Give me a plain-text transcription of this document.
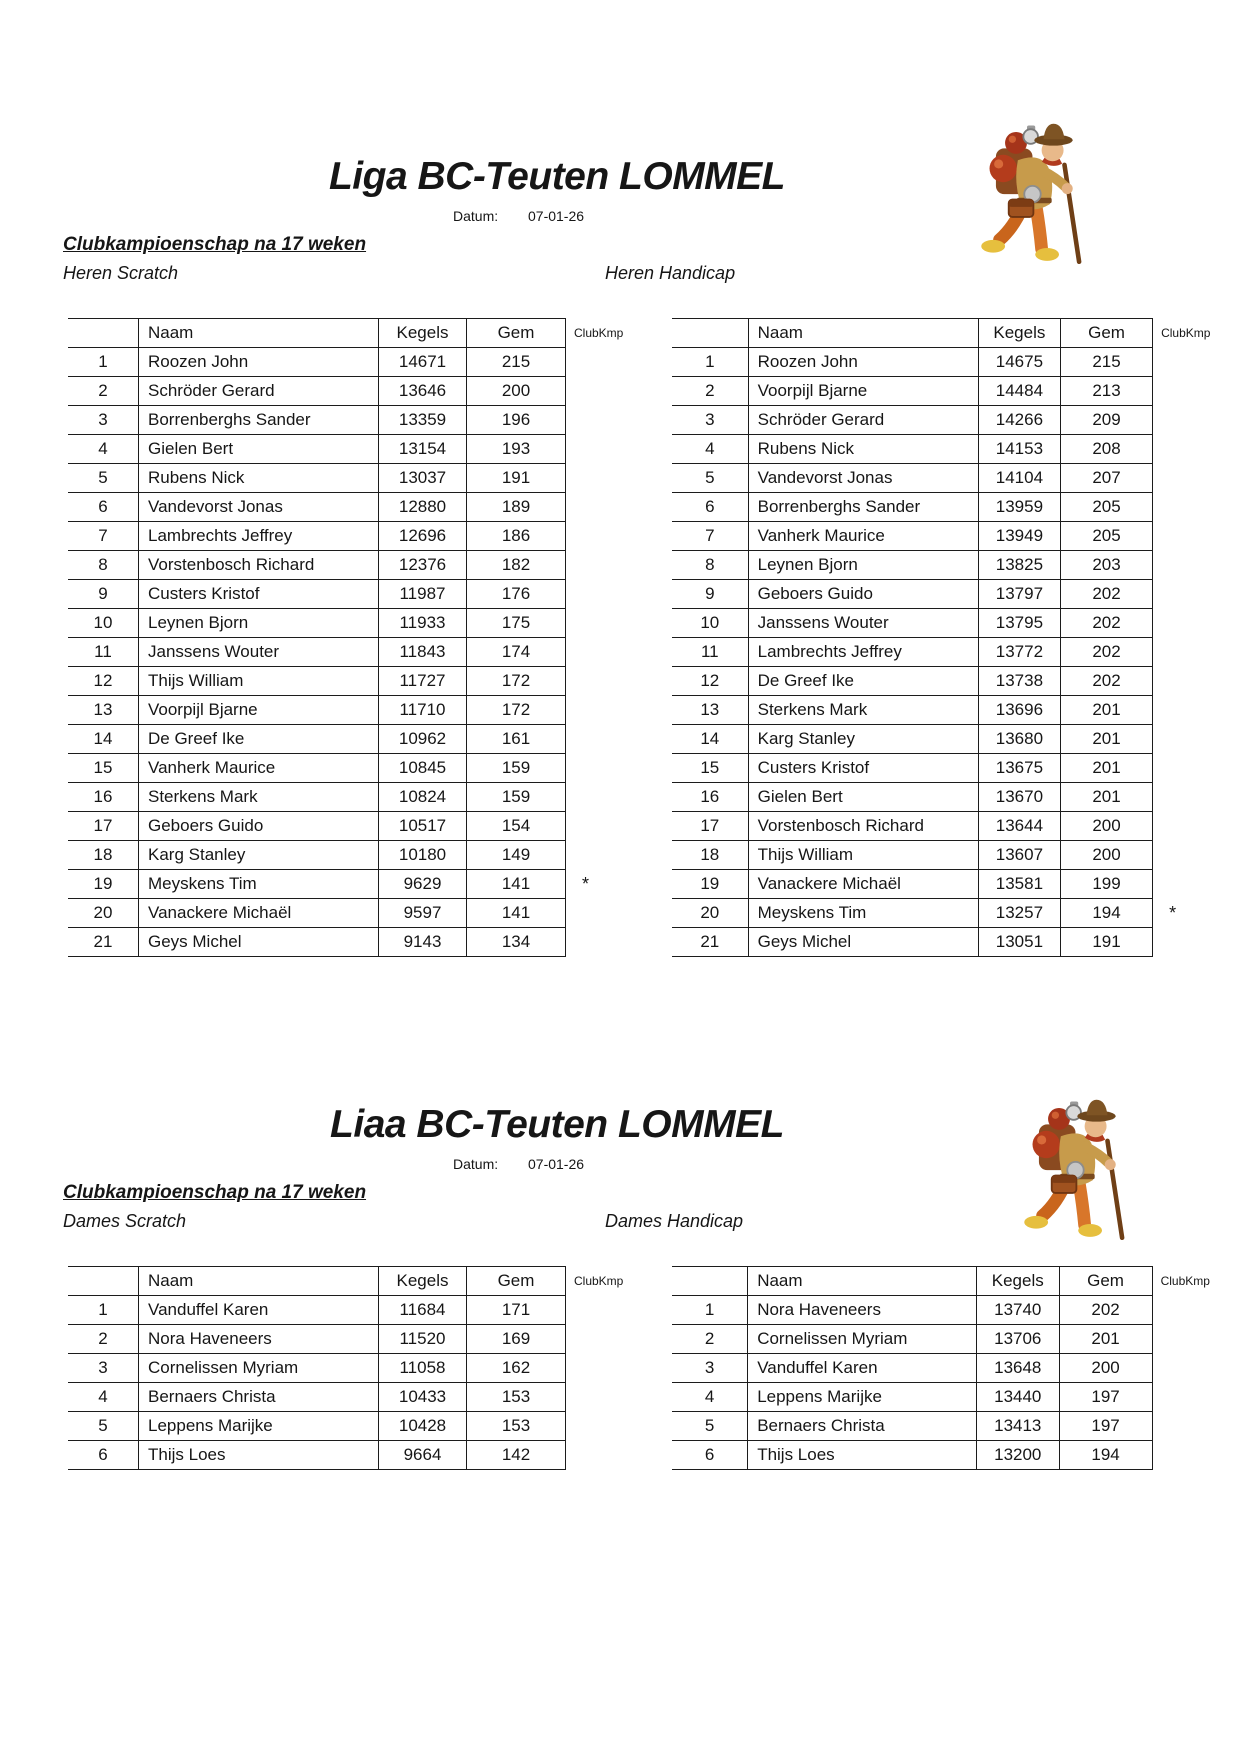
Liga BC-Teuten LOMMEL
Datum: 07-01-26
Clubkampioenschap na 17 weken
Heren Scratch	Heren Handicap
	Naam	Kegels	Gem	ClubKmp
1	Roozen John	14671	215	
2	Schröder Gerard	13646	200	
3	Borrenberghs Sander	13359	196	
4	Gielen Bert	13154	193	
5	Rubens Nick	13037	191	
6	Vandevorst Jonas	12880	189	
7	Lambrechts Jeffrey	12696	186	
8	Vorstenbosch Richard	12376	182	
9	Custers Kristof	11987	176	
10	Leynen Bjorn	11933	175	
11	Janssens Wouter	11843	174	
12	Thijs William	11727	172	
13	Voorpijl Bjarne	11710	172	
14	De Greef Ike	10962	161	
15	Vanherk Maurice	10845	159	
16	Sterkens Mark	10824	159	
17	Geboers Guido	10517	154	
18	Karg Stanley	10180	149	
19	Meyskens Tim	9629	141	*
20	Vanackere Michaël	9597	141	
21	Geys Michel	9143	134	
	Naam	Kegels	Gem	ClubKmp
1	Roozen John	14675	215	
2	Voorpijl Bjarne	14484	213	
3	Schröder Gerard	14266	209	
4	Rubens Nick	14153	208	
5	Vandevorst Jonas	14104	207	
6	Borrenberghs Sander	13959	205	
7	Vanherk Maurice	13949	205	
8	Leynen Bjorn	13825	203	
9	Geboers Guido	13797	202	
10	Janssens Wouter	13795	202	
11	Lambrechts Jeffrey	13772	202	
12	De Greef Ike	13738	202	
13	Sterkens Mark	13696	201	
14	Karg Stanley	13680	201	
15	Custers Kristof	13675	201	
16	Gielen Bert	13670	201	
17	Vorstenbosch Richard	13644	200	
18	Thijs William	13607	200	
19	Vanackere Michaël	13581	199	
20	Meyskens Tim	13257	194	*
21	Geys Michel	13051	191	
Liaa BC-Teuten LOMMEL
Datum: 07-01-26
Clubkampioenschap na 17 weken
Dames Scratch	Dames Handicap
	Naam	Kegels	Gem	ClubKmp
1	Vanduffel Karen	11684	171	
2	Nora Haveneers	11520	169	
3	Cornelissen Myriam	11058	162	
4	Bernaers Christa	10433	153	
5	Leppens Marijke	10428	153	
6	Thijs Loes	9664	142	
	Naam	Kegels	Gem	ClubKmp
1	Nora Haveneers	13740	202	
2	Cornelissen Myriam	13706	201	
3	Vanduffel Karen	13648	200	
4	Leppens Marijke	13440	197	
5	Bernaers Christa	13413	197	
6	Thijs Loes	13200	194	
